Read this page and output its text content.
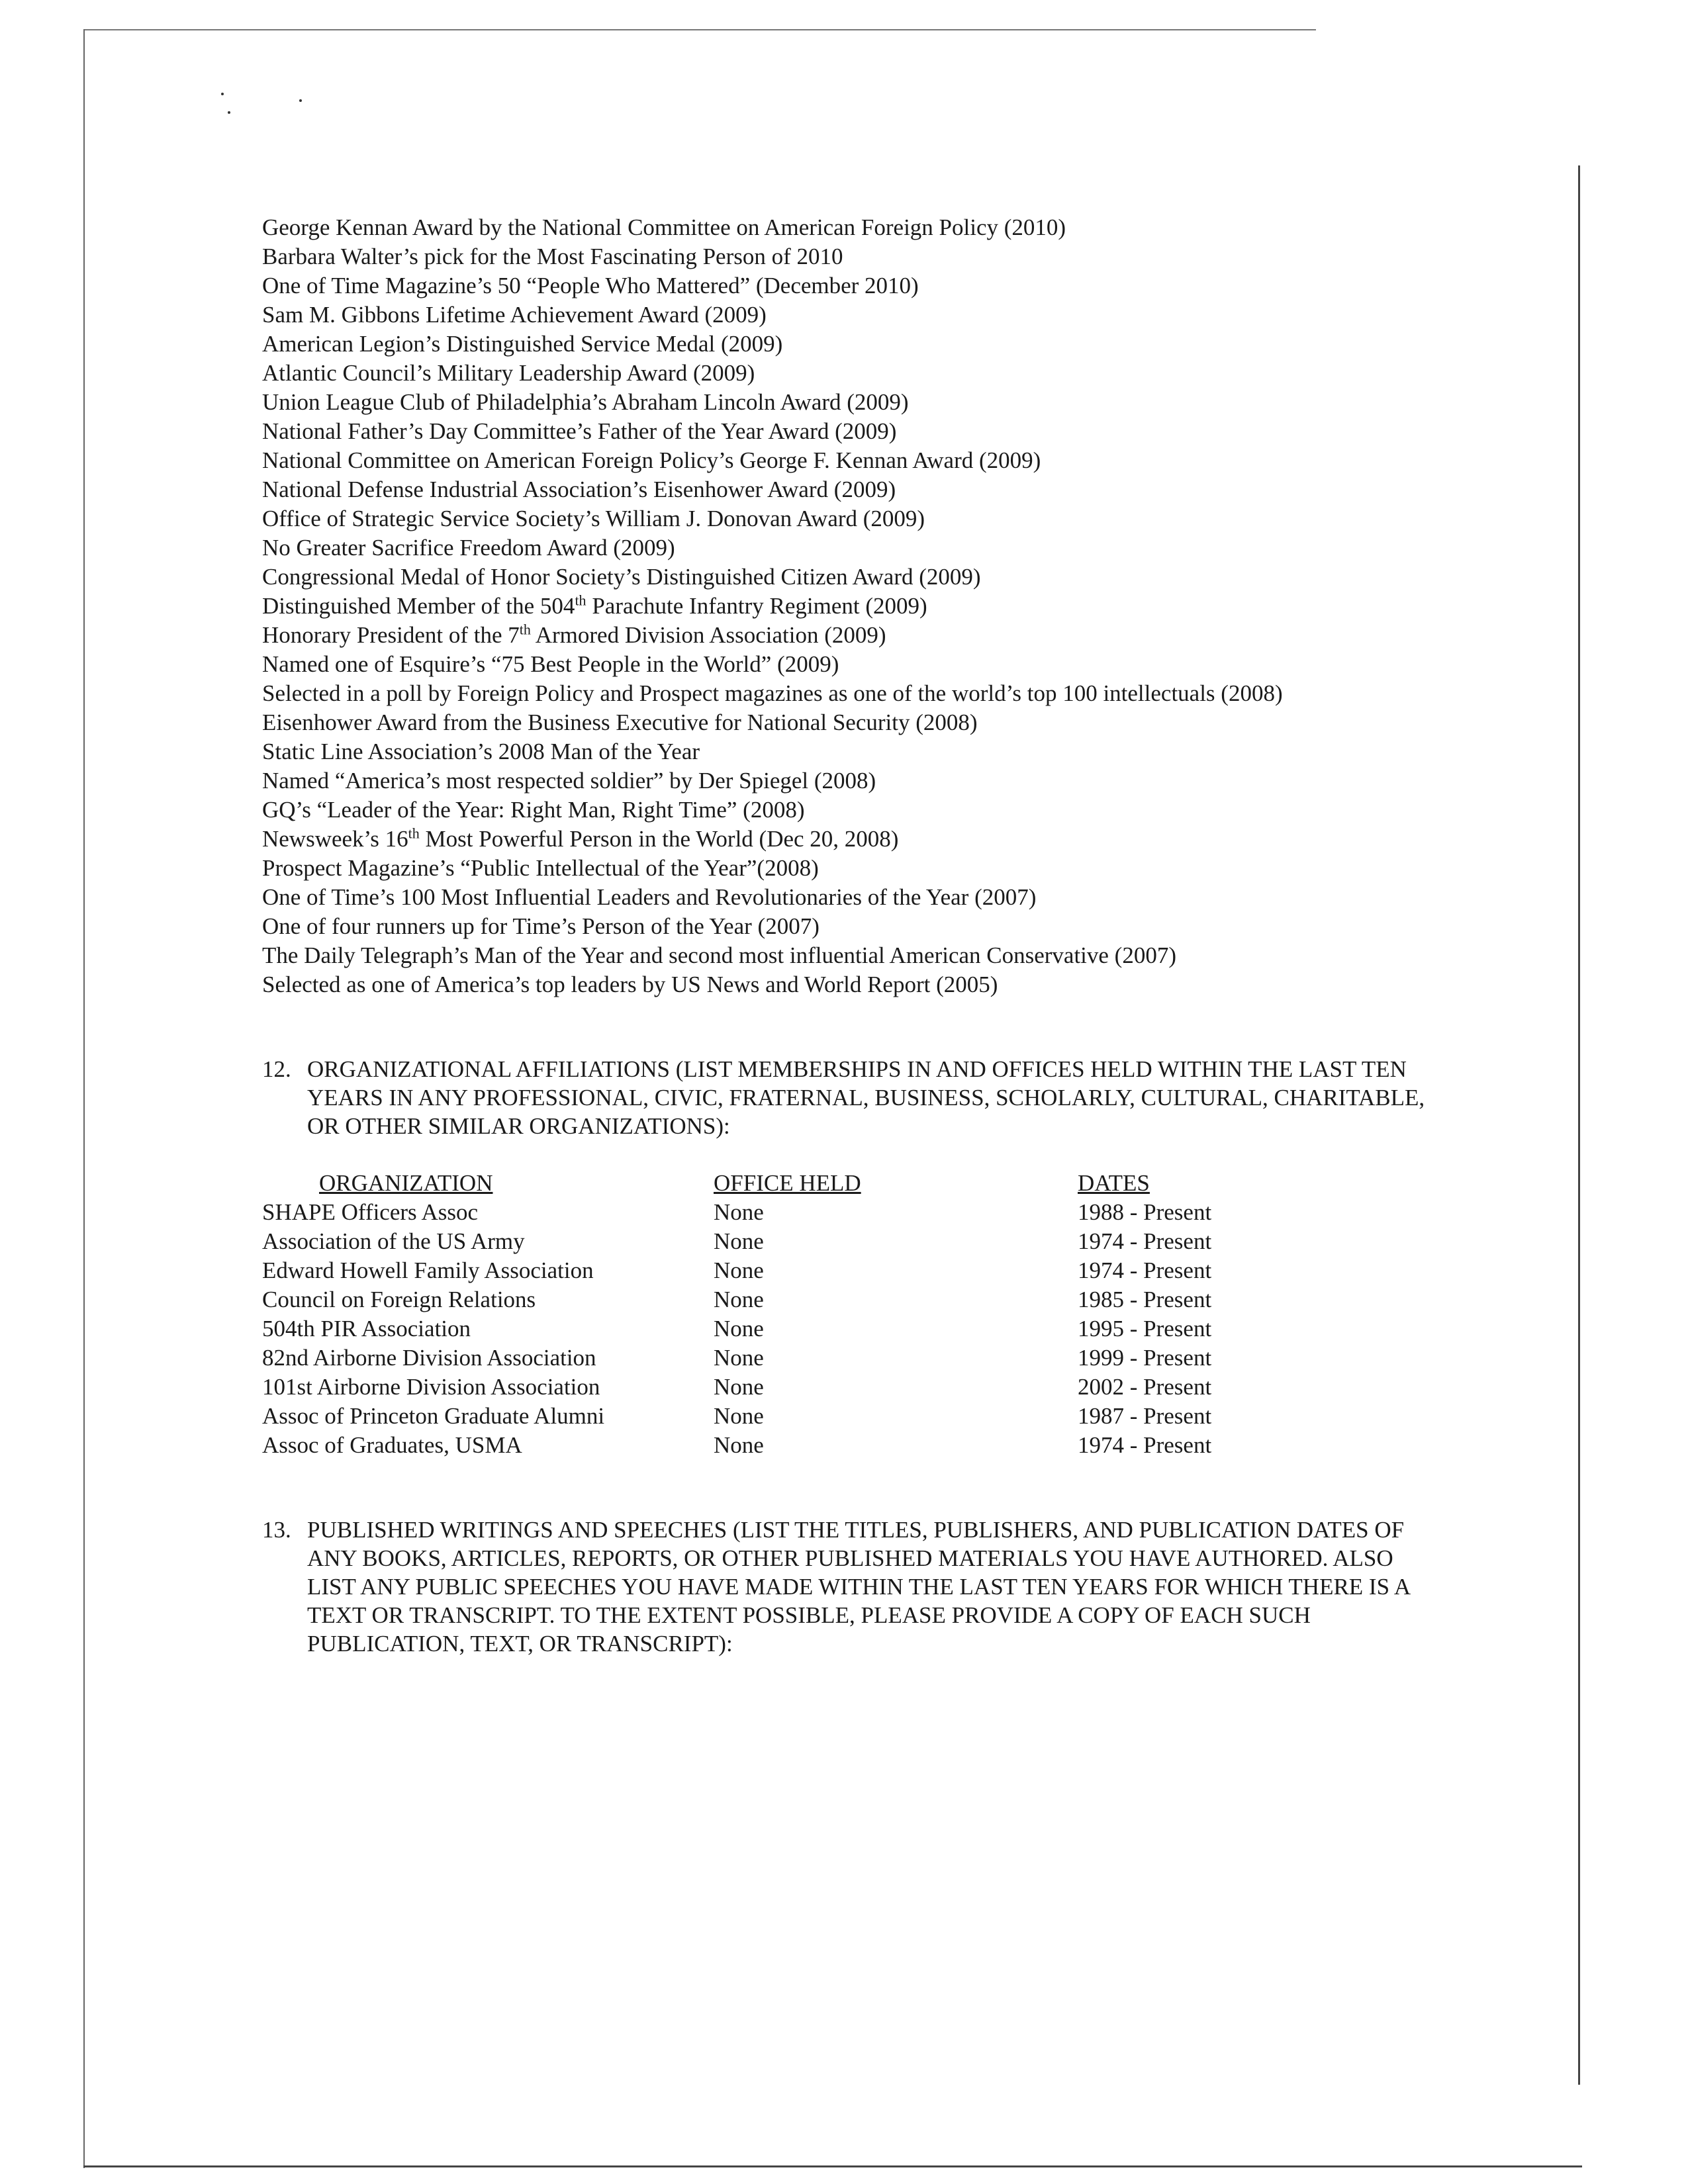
George Kennan Award by the National Committee on American Foreign Policy (2010)
Barbara Walter’s pick for the Most Fascinating Person of 2010
One of Time Magazine’s 50 “People Who Mattered” (December 2010)
Sam M. Gibbons Lifetime Achievement Award (2009)
American Legion’s Distinguished Service Medal (2009)
Atlantic Council’s Military Leadership Award (2009)
Union League Club of Philadelphia’s Abraham Lincoln Award (2009)
National Father’s Day Committee’s Father of the Year Award (2009)
National Committee on American Foreign Policy’s George F. Kennan Award (2009)
National Defense Industrial Association’s Eisenhower Award (2009)
Office of Strategic Service Society’s William J. Donovan Award (2009)
No Greater Sacrifice Freedom Award (2009)
Congressional Medal of Honor Society’s Distinguished Citizen Award (2009)
Distinguished Member of the 504th Parachute Infantry Regiment (2009)
Honorary President of the 7th Armored Division Association (2009)
Named one of Esquire’s “75 Best People in the World” (2009)
Selected in a poll by Foreign Policy and Prospect magazines as one of the world’s top 100 intellectuals (2008)
Eisenhower Award from the Business Executive for National Security (2008)
Static Line Association’s 2008 Man of the Year
Named “America’s most respected soldier” by Der Spiegel (2008)
GQ’s “Leader of the Year: Right Man, Right Time” (2008)
Newsweek’s 16th Most Powerful Person in the World (Dec 20, 2008)
Prospect Magazine’s “Public Intellectual of the Year”(2008)
One of Time’s 100 Most Influential Leaders and Revolutionaries of the Year (2007)
One of four runners up for Time’s Person of the Year (2007)
The Daily Telegraph’s Man of the Year and second most influential American Conservative (2007)
Selected as one of America’s top leaders by US News and World Report (2005)
12. ORGANIZATIONAL AFFILIATIONS (LIST MEMBERSHIPS IN AND OFFICES HELD WITHIN THE LAST TEN YEARS IN ANY PROFESSIONAL, CIVIC, FRATERNAL, BUSINESS, SCHOLARLY, CULTURAL, CHARITABLE, OR OTHER SIMILAR ORGANIZATIONS):
ORGANIZATION	OFFICE HELD	DATES
SHAPE Officers Assoc	None	1988 - Present
Association of the US Army	None	1974 - Present
Edward Howell Family Association	None	1974 - Present
Council on Foreign Relations	None	1985 - Present
504th PIR Association	None	1995 - Present
82nd Airborne Division Association	None	1999 - Present
101st Airborne Division Association	None	2002 - Present
Assoc of Princeton Graduate Alumni	None	1987 - Present
Assoc of Graduates, USMA	None	1974 - Present
13. PUBLISHED WRITINGS AND SPEECHES (LIST THE TITLES, PUBLISHERS, AND PUBLICATION DATES OF ANY BOOKS, ARTICLES, REPORTS, OR OTHER PUBLISHED MATERIALS YOU HAVE AUTHORED. ALSO LIST ANY PUBLIC SPEECHES YOU HAVE MADE WITHIN THE LAST TEN YEARS FOR WHICH THERE IS A TEXT OR TRANSCRIPT. TO THE EXTENT POSSIBLE, PLEASE PROVIDE A COPY OF EACH SUCH PUBLICATION, TEXT, OR TRANSCRIPT):
